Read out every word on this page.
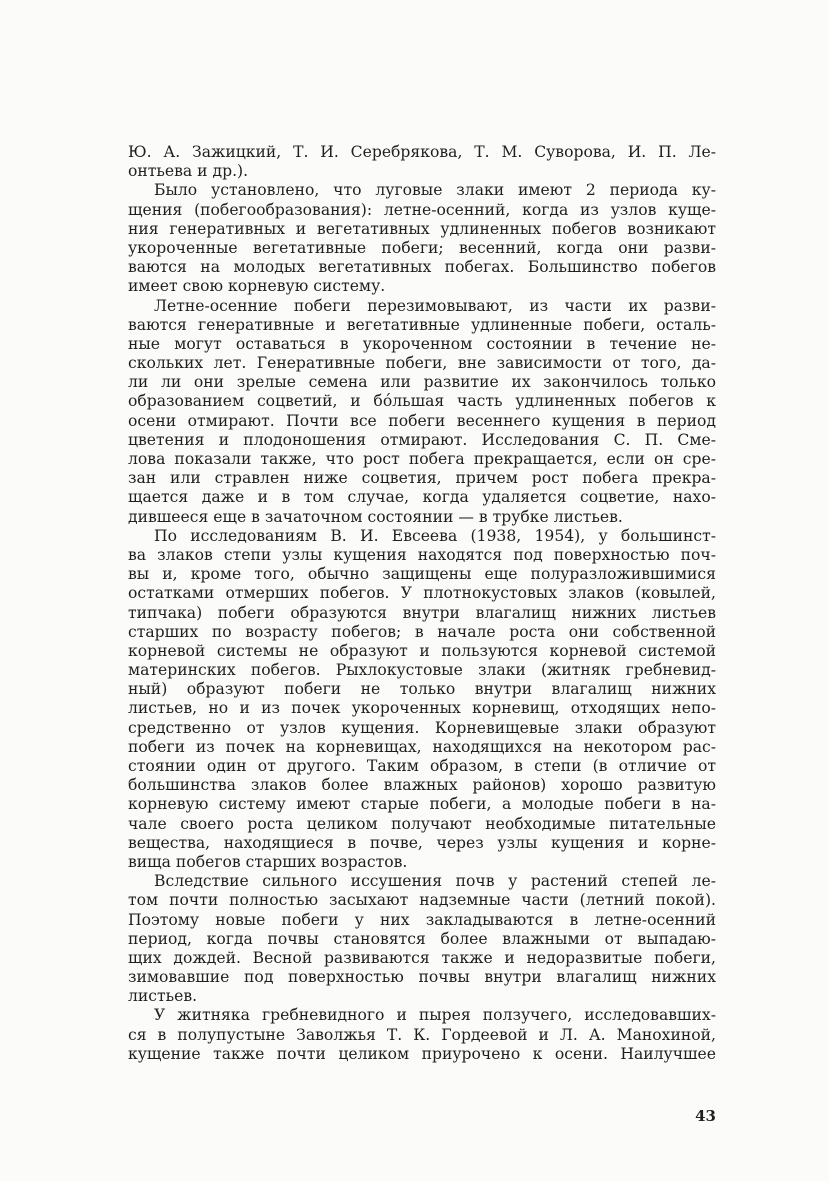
Ю. А. Зажицкий, Т. И. Серебрякова, Т. М. Суворова, И. П. Ле-
онтьева и др.).
Было установлено, что луговые злаки имеют 2 периода ку-
щения (побегообразования): летне-осенний, когда из узлов куще-
ния генеративных и вегетативных удлиненных побегов возникают
укороченные вегетативные побеги; весенний, когда они разви-
ваются на молодых вегетативных побегах. Большинство побегов
имеет свою корневую систему.
Летне-осенние побеги перезимовывают, из части их разви-
ваются генеративные и вегетативные удлиненные побеги, осталь-
ные могут оставаться в укороченном состоянии в течение не-
скольких лет. Генеративные побеги, вне зависимости от того, да-
ли ли они зрелые семена или развитие их закончилось только
образованием соцветий, и бо́льшая часть удлиненных побегов к
осени отмирают. Почти все побеги весеннего кущения в период
цветения и плодоношения отмирают. Исследования С. П. Сме-
лова показали также, что рост побега прекращается, если он сре-
зан или стравлен ниже соцветия, причем рост побега прекра-
щается даже и в том случае, когда удаляется соцветие, нахо-
дившееся еще в зачаточном состоянии — в трубке листьев.
По исследованиям В. И. Евсеева (1938, 1954), у большинст-
ва злаков степи узлы кущения находятся под поверхностью поч-
вы и, кроме того, обычно защищены еще полуразложившимися
остатками отмерших побегов. У плотнокустовых злаков (ковылей,
типчака) побеги образуются внутри влагалищ нижних листьев
старших по возрасту побегов; в начале роста они собственной
корневой системы не образуют и пользуются корневой системой
материнских побегов. Рыхлокустовые злаки (житняк гребневид-
ный) образуют побеги не только внутри влагалищ нижних
листьев, но и из почек укороченных корневищ, отходящих непо-
средственно от узлов кущения. Корневищевые злаки образуют
побеги из почек на корневищах, находящихся на некотором рас-
стоянии один от другого. Таким образом, в степи (в отличие от
большинства злаков более влажных районов) хорошо развитую
корневую систему имеют старые побеги, а молодые побеги в на-
чале своего роста целиком получают необходимые питательные
вещества, находящиеся в почве, через узлы кущения и корне-
вища побегов старших возрастов.
Вследствие сильного иссушения почв у растений степей ле-
том почти полностью засыхают надземные части (летний покой).
Поэтому новые побеги у них закладываются в летне-осенний
период, когда почвы становятся более влажными от выпадаю-
щих дождей. Весной развиваются также и недоразвитые побеги,
зимовавшие под поверхностью почвы внутри влагалищ нижних
листьев.
У житняка гребневидного и пырея ползучего, исследовавших-
ся в полупустыне Заволжья Т. К. Гордеевой и Л. А. Манохиной,
кущение также почти целиком приурочено к осени. Наилучшее
43
